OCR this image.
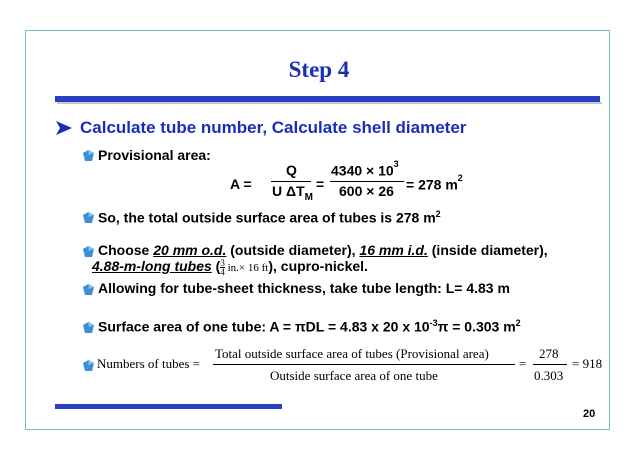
Step 4
Calculate tube number, Calculate shell diameter
Provisional area:
A =
Q
U $\Delta T_M$
=
$4340 \times 10^3$
600 × 26 = 278 $m^2$
So, the total outside surface area of tubes is 278 $m^2$
Choose 20 mm o.d. (outside diameter), 16 mm i.d. (inside diameter),
4.88-m-long tubes ( $\frac{3}{4} in.\times 16$ ft), cupro-nickel.
Allowing for tube-sheet thickness, take tube length: L= 4.83 m
Surface area of one tube: A = πDL = 4.83 x 20 x $10^{-3}\pi = 0.303$ $m^2$
Numbers of tubes =
Total outside surface area of tubes (Provisional area)
Outside surface area of one tube
=
278
0.303
= 918
20
